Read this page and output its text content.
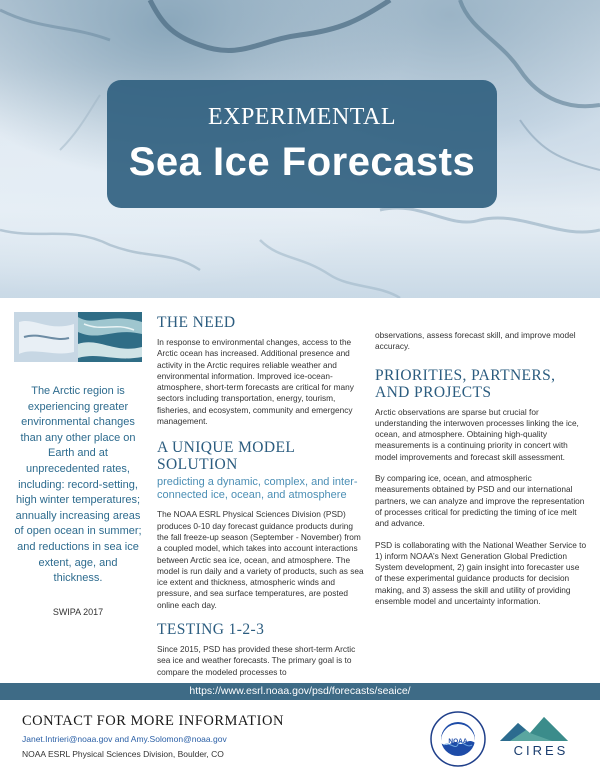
EXPERIMENTAL
Sea Ice Forecasts
The Arctic region is experiencing greater environmental changes than any other place on Earth and at unprecedented rates, including: record-setting, high winter temperatures; annually increasing areas of open ocean in summer; and reductions in sea ice extent, age, and thickness.
SWIPA 2017
THE NEED

In response to environmental changes, access to the Arctic ocean has increased. Additional presence and activity in the Arctic requires reliable weather and environmental information. Improved ice-ocean-atmosphere, short-term forecasts are critical for many sectors including transportation, energy, tourism, fisheries, and ecosystem, community and emergency management.

A UNIQUE MODEL SOLUTION
predicting a dynamic, complex, and inter-connected ice, ocean, and atmosphere

The NOAA ESRL Physical Sciences Division (PSD) produces 0-10 day forecast guidance products during the fall freeze-up season (September - November) from a coupled model, which takes into account interactions between Arctic sea ice, ocean, and atmosphere. The model is run daily and a variety of products, such as sea ice extent and thickness, atmospheric winds and pressure, and sea surface temperatures, are posted online each day.

TESTING 1-2-3

Since 2015, PSD has provided these short-term Arctic sea ice and weather forecasts. The primary goal is to compare the modeled processes to

observations, assess forecast skill, and improve model accuracy.

PRIORITIES, PARTNERS, AND PROJECTS

Arctic observations are sparse but crucial for understanding the interwoven processes linking the ice, ocean, and atmosphere. Obtaining high-quality measurements is a continuing priority in concert with model improvements and forecast skill assessment.

By comparing ice, ocean, and atmospheric measurements obtained by PSD and our international partners, we can analyze and improve the representation of processes critical for predicting the timing of ice melt and advance.

PSD is collaborating with the National Weather Service to 1) inform NOAA’s Next Generation Global Prediction System development, 2) gain insight into forecaster use of these experimental guidance products for decision making, and 3) assess the skill and utility of providing ensemble model and uncertainty information.

https://www.esrl.noaa.gov/psd/forecasts/seaice/
CONTACT FOR MORE INFORMATION
Janet.Intrieri@noaa.gov and Amy.Solomon@noaa.gov
NOAA ESRL Physical Sciences Division, Boulder, CO
NOAA
CIRES
